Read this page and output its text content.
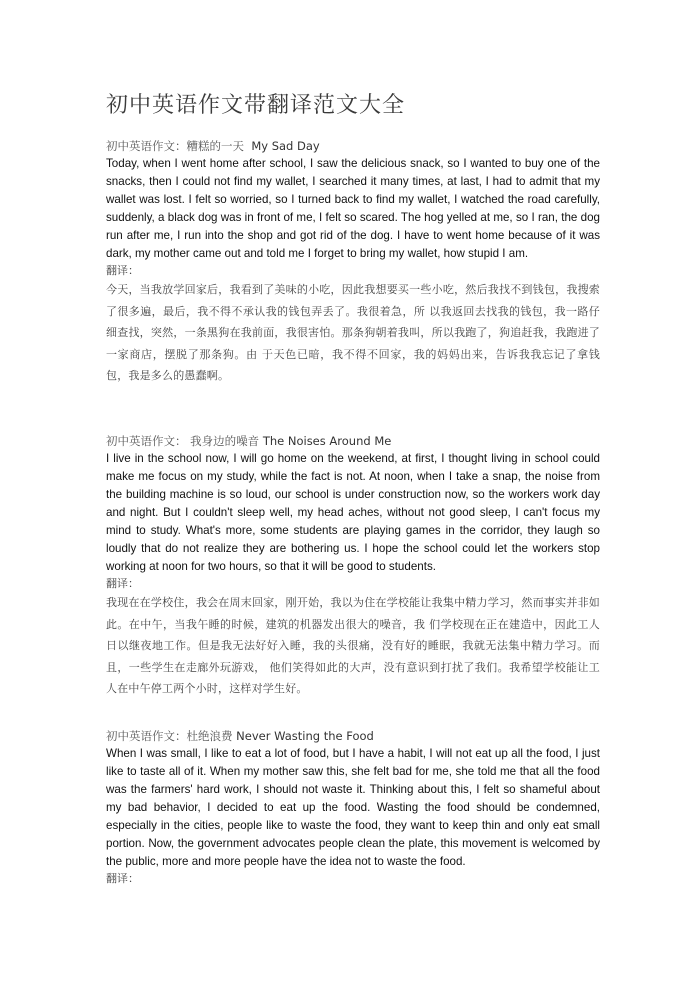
初中英语作文带翻译范文大全
初中英语作文：糟糕的一天 My Sad Day

Today, when I went home after school, I saw the delicious snack, so I wanted to buy one of the snacks, then I could not find my wallet, I searched it many times, at last, I had to admit that my wallet was lost. I felt so worried, so I turned back to find my wallet, I watched the road carefully, suddenly, a black dog was in front of me, I felt so scared. The hog yelled at me, so I ran, the dog run after me, I run into the shop and got rid of the dog. I have to went home because of it was dark, my mother came out and told me I forget to bring my wallet, how stupid I am.

翻译：

今天，当我放学回家后，我看到了美味的小吃，因此我想要买一些小吃，然后我找不到钱包，我搜索了很多遍，最后，我不得不承认我的钱包弄丢了。我很着急，所 以我返回去找我的钱包，我一路仔细查找，突然，一条黑狗在我前面，我很害怕。那条狗朝着我叫，所以我跑了，狗追赶我，我跑进了一家商店，摆脱了那条狗。由 于天色已暗，我不得不回家，我的妈妈出来，告诉我我忘记了拿钱包，我是多么的愚蠢啊。

初中英语作文： 我身边的噪音 The Noises Around Me

I live in the school now, I will go home on the weekend, at first, I thought living in school could make me focus on my study, while the fact is not. At noon, when I take a snap, the noise from the building machine is so loud, our school is under construction now, so the workers work day and night. But I couldn't sleep well, my head aches, without not good sleep, I can't focus my mind to study. What's more, some students are playing games in the corridor, they laugh so loudly that do not realize they are bothering us. I hope the school could let the workers stop working at noon for two hours, so that it will be good to students.

翻译：

我现在在学校住，我会在周末回家，刚开始，我以为住在学校能让我集中精力学习，然而事实并非如此。在中午，当我午睡的时候，建筑的机器发出很大的噪音，我 们学校现在正在建造中，因此工人日以继夜地工作。但是我无法好好入睡，我的头很痛，没有好的睡眠，我就无法集中精力学习。而且，一些学生在走廊外玩游戏， 他们笑得如此的大声，没有意识到打扰了我们。我希望学校能让工人在中午停工两个小时，这样对学生好。

初中英语作文：杜绝浪费 Never Wasting the Food

When I was small, I like to eat a lot of food, but I have a habit, I will not eat up all the food, I just like to taste all of it. When my mother saw this, she felt bad for me, she told me that all the food was the farmers' hard work, I should not waste it. Thinking about this, I felt so shameful about my bad behavior, I decided to eat up the food. Wasting the food should be condemned, especially in the cities, people like to waste the food, they want to keep thin and only eat small portion. Now, the government advocates people clean the plate, this movement is welcomed by the public, more and more people have the idea not to waste the food.

翻译：
